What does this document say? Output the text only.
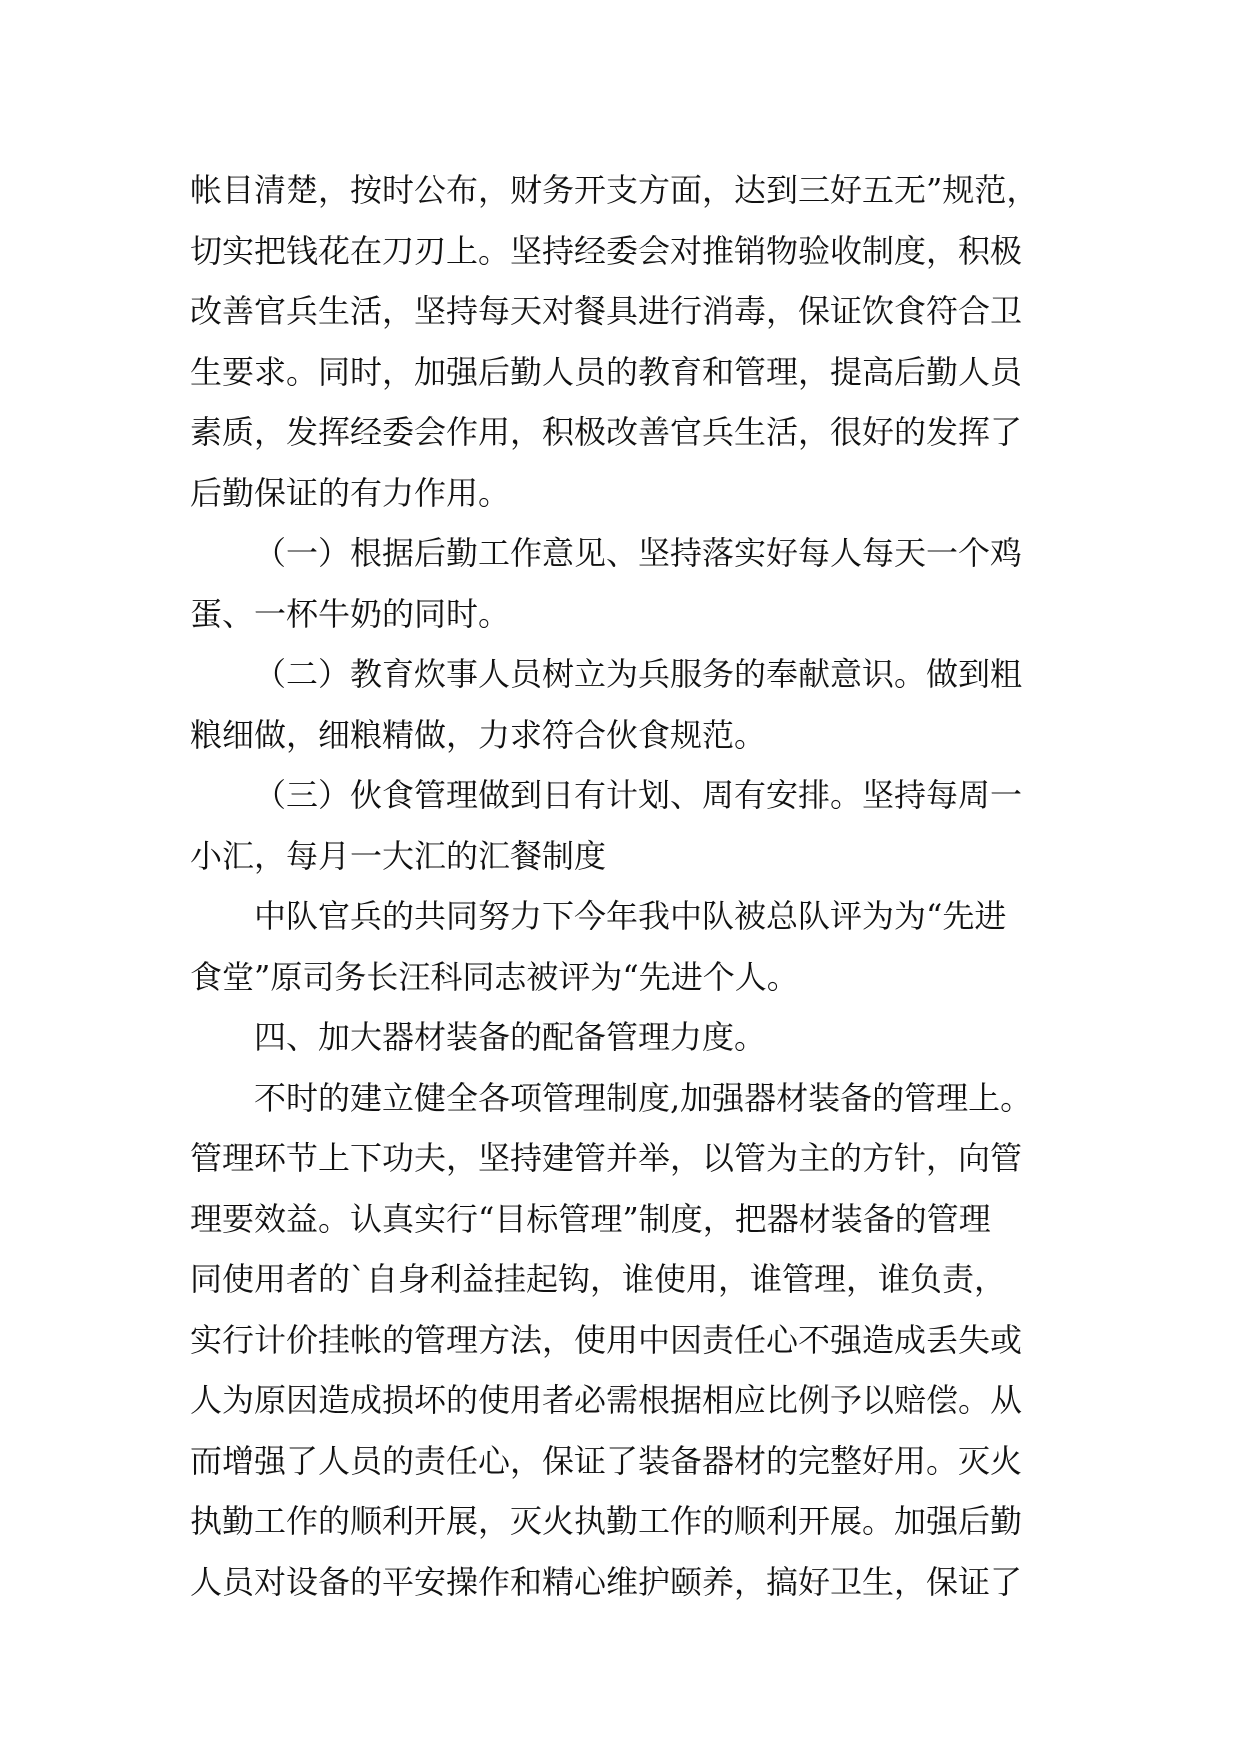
帐目清楚，按时公布，财务开支方面，达到三好五无”规范，
切实把钱花在刀刃上。坚持经委会对推销物验收制度，积极
改善官兵生活，坚持每天对餐具进行消毒，保证饮食符合卫
生要求。同时，加强后勤人员的教育和管理，提高后勤人员
素质，发挥经委会作用，积极改善官兵生活，很好的发挥了
后勤保证的有力作用。
（一）根据后勤工作意见、坚持落实好每人每天一个鸡
蛋、一杯牛奶的同时。
（二）教育炊事人员树立为兵服务的奉献意识。做到粗
粮细做，细粮精做，力求符合伙食规范。
（三）伙食管理做到日有计划、周有安排。坚持每周一
小汇，每月一大汇的汇餐制度
中队官兵的共同努力下今年我中队被总队评为为“先进
食堂”原司务长汪科同志被评为“先进个人。
四、加大器材装备的配备管理力度。
不时的建立健全各项管理制度,加强器材装备的管理上。
管理环节上下功夫，坚持建管并举，以管为主的方针，向管
理要效益。认真实行“目标管理”制度，把器材装备的管理
同使用者的`自身利益挂起钩，谁使用，谁管理，谁负责，
实行计价挂帐的管理方法，使用中因责任心不强造成丢失或
人为原因造成损坏的使用者必需根据相应比例予以赔偿。从
而增强了人员的责任心，保证了装备器材的完整好用。灭火
执勤工作的顺利开展，灭火执勤工作的顺利开展。加强后勤
人员对设备的平安操作和精心维护颐养，搞好卫生，保证了
